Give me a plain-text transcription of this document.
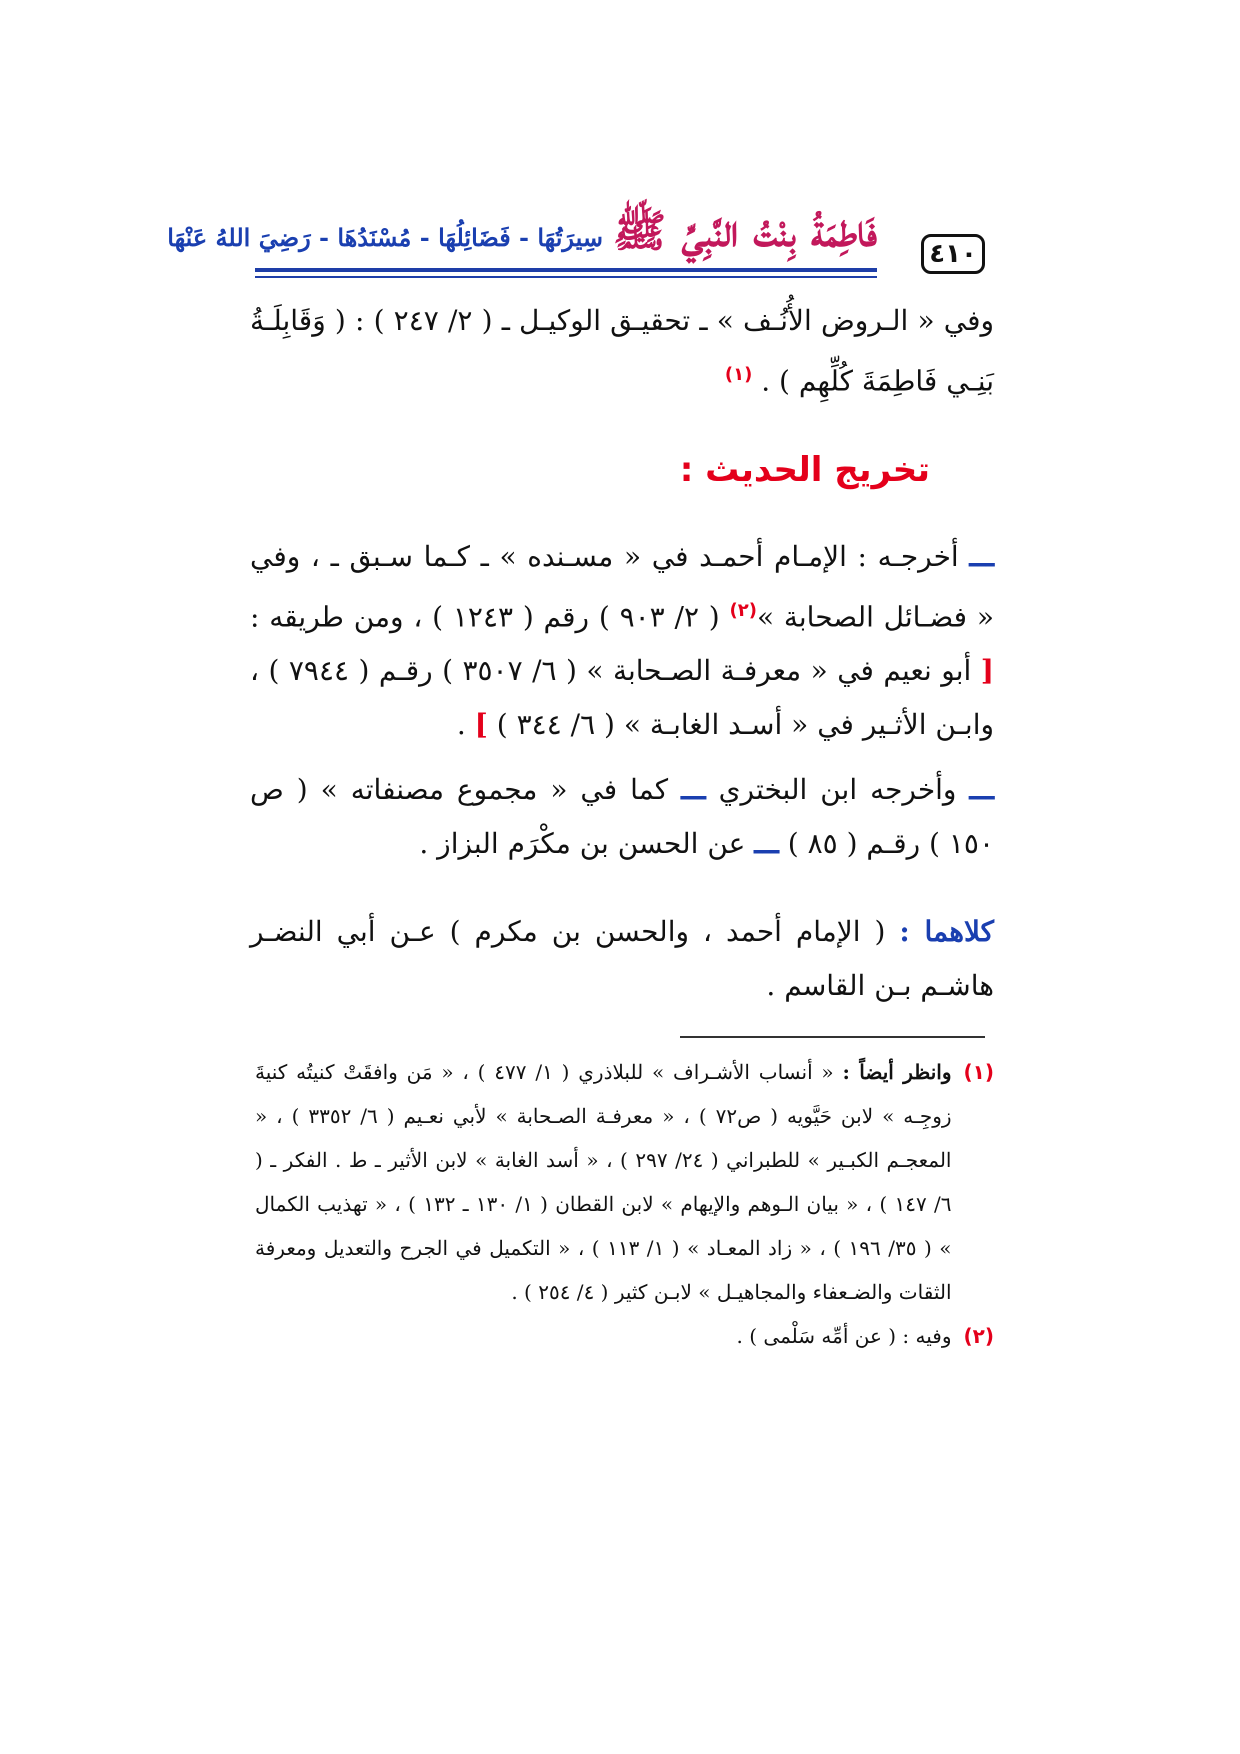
٤١٠
فَاطِمَةُ بِنْتُ النَّبِيِّ ﷺ
سِيرَتُهَا - فَضَائِلُهَا - مُسْنَدُهَا - رَضِيَ اللهُ عَنْهَا

وفي « الـروض الأُنُـف » ـ تحقيـق الوكيـل ـ ( ٢/ ٢٤٧ ) : ( وَقَابِلَـةُ بَنِـي فَاطِمَةَ كُلِّهِم ) . $^{(١)}$

تخريج الحديث :

ـــ أخرجـه : الإمـام أحمـد في « مسـنده » ـ كـما سـبق ـ ، وفي « فضـائل الصحابة »$^{(٢)}$ ( ٢/ ٩٠٣ ) رقم ( ١٢٤٣ ) ، ومن طريقه : [ أبو نعيم في « معرفـة الصـحابة » ( ٦/ ٣٥٠٧ ) رقـم ( ٧٩٤٤ ) ، وابـن الأثـير في « أسـد الغابـة » ( ٦/ ٣٤٤ ) ] .

ـــ وأخرجه ابن البختري ـــ كما في « مجموع مصنفاته » ( ص ١٥٠ ) رقـم ( ٨٥ ) ـــ عن الحسن بن مكْرَم البزاز .

كلاهما : ( الإمام أحمد ، والحسن بن مكرم ) عـن أبي النضـر هاشـم بـن القاسم .

(١)
وانظر أيضاً : « أنساب الأشـراف » للبلاذري ( ١/ ٤٧٧ ) ، « مَن وافقَتْ كنيتُه كنيةَ زوجِـه » لابن حَيَّويه ( ص٧٢ ) ، « معرفـة الصـحابة » لأبي نعـيم ( ٦/ ٣٣٥٢ ) ، « المعجـم الكبـير » للطبراني ( ٢٤/ ٢٩٧ ) ، « أسد الغابة » لابن الأثير ـ ط . الفكر ـ ( ٦/ ١٤٧ ) ، « بيان الـوهم والإيهام » لابن القطان ( ١/ ١٣٠ ـ ١٣٢ ) ، « تهذيب الكمال » ( ٣٥/ ١٩٦ ) ، « زاد المعـاد » ( ١/ ١١٣ ) ، « التكميل في الجرح والتعديل ومعرفة الثقات والضـعفاء والمجاهيـل » لابـن كثير ( ٤/ ٢٥٤ ) .
(٢)
وفيه : ( عن أمِّه سَلْمى ) .
